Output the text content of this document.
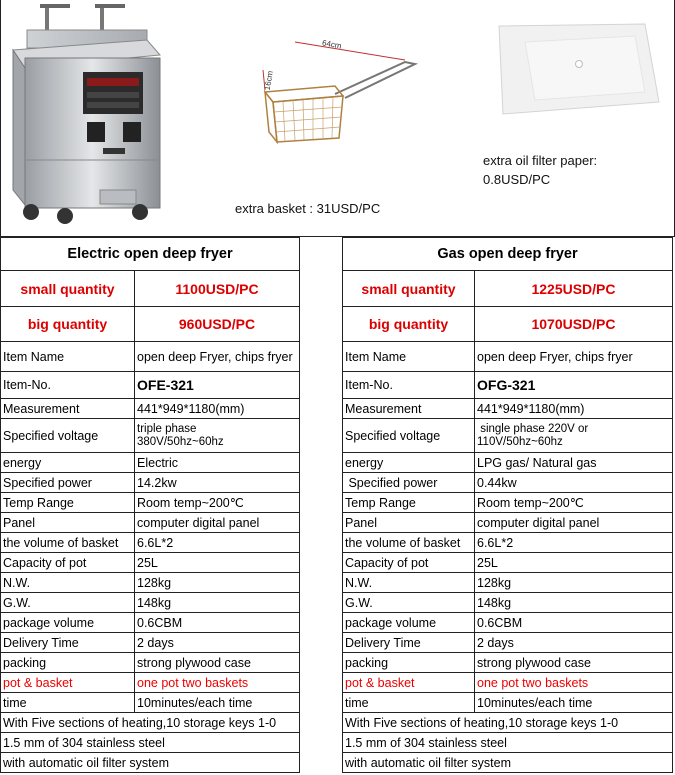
64cm
16cm
extra basket : 31USD/PC
extra oil filter paper:
0.8USD/PC
Electric open deep fryer	
small quantity	1100USD/PC
big quantity	960USD/PC
Item Name	open deep Fryer, chips fryer
Item-No.	OFE-321
Measurement	441*949*1180(mm)
Specified voltage	triple phase
380V/50hz~60hz

energy	Electric
Specified power	14.2kw
Temp Range	Room temp~200℃
Panel	computer digital panel
the volume of basket	6.6L*2
Capacity of pot	25L
N.W.	128kg
G.W.	148kg
package volume	0.6CBM
Delivery Time	2 days
packing	strong plywood case
pot & basket	one pot two baskets
time	10minutes/each time
With Five sections of heating,10 storage keys 1-0	
1.5 mm of 304 stainless steel	
with automatic oil filter system	
Gas open deep fryer	
small quantity	1225USD/PC
big quantity	1070USD/PC
Item Name	open deep Fryer, chips fryer
Item-No.	OFG-321
Measurement	441*949*1180(mm)
Specified voltage	single phase 220V or
110V/50hz~60hz

energy	LPG gas/ Natural gas
Specified power	0.44kw
Temp Range	Room temp~200℃
Panel	computer digital panel
the volume of basket	6.6L*2
Capacity of pot	25L
N.W.	128kg
G.W.	148kg
package volume	0.6CBM
Delivery Time	2 days
packing	strong plywood case
pot & basket	one pot two baskets
time	10minutes/each time
With Five sections of heating,10 storage keys 1-0	
1.5 mm of 304 stainless steel	
with automatic oil filter system	
